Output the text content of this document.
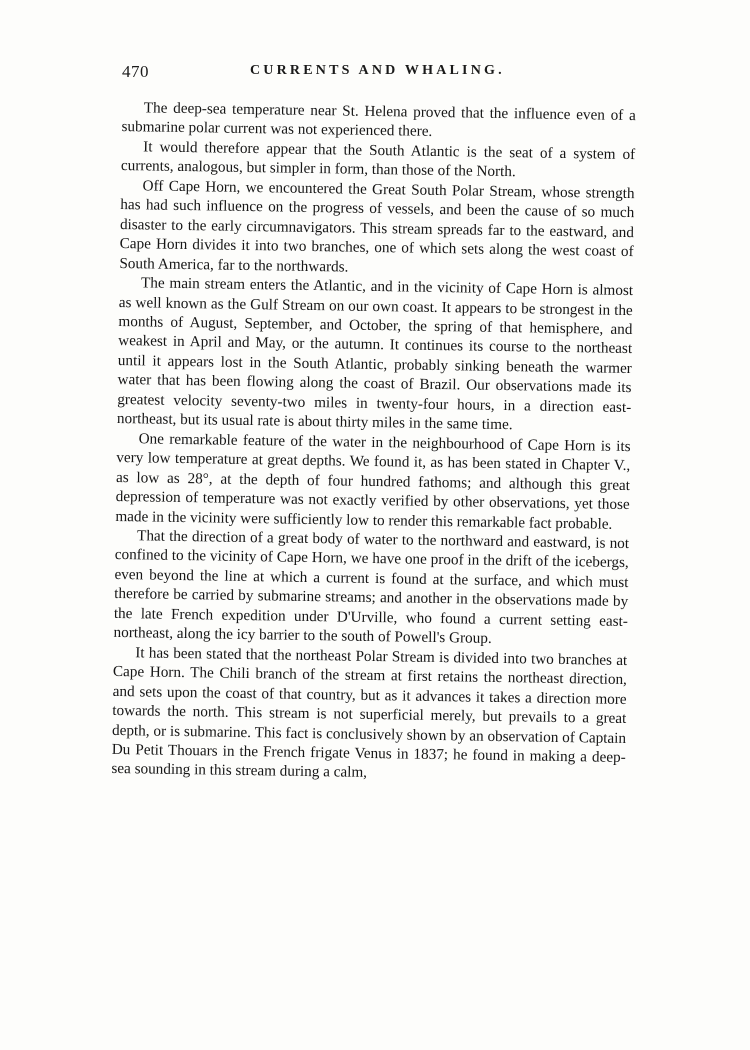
470	CURRENTS AND WHALING.

The deep-sea temperature near St. Helena proved that the influence even of a submarine polar current was not experienced there.

It would therefore appear that the South Atlantic is the seat of a system of currents, analogous, but simpler in form, than those of the North.

Off Cape Horn, we encountered the Great South Polar Stream, whose strength has had such influence on the progress of vessels, and been the cause of so much disaster to the early circumnavigators. This stream spreads far to the eastward, and Cape Horn divides it into two branches, one of which sets along the west coast of South America, far to the northwards.

The main stream enters the Atlantic, and in the vicinity of Cape Horn is almost as well known as the Gulf Stream on our own coast. It appears to be strongest in the months of August, September, and October, the spring of that hemisphere, and weakest in April and May, or the autumn. It continues its course to the northeast until it appears lost in the South Atlantic, probably sinking beneath the warmer water that has been flowing along the coast of Brazil. Our observations made its greatest velocity seventy-two miles in twenty-four hours, in a direction east-northeast, but its usual rate is about thirty miles in the same time.

One remarkable feature of the water in the neighbourhood of Cape Horn is its very low temperature at great depths. We found it, as has been stated in Chapter V., as low as 28°, at the depth of four hundred fathoms; and although this great depression of temperature was not exactly verified by other observations, yet those made in the vicinity were sufficiently low to render this remarkable fact probable.

That the direction of a great body of water to the northward and eastward, is not confined to the vicinity of Cape Horn, we have one proof in the drift of the icebergs, even beyond the line at which a current is found at the surface, and which must therefore be carried by submarine streams; and another in the observations made by the late French expedition under D'Urville, who found a current setting east-northeast, along the icy barrier to the south of Powell's Group.

It has been stated that the northeast Polar Stream is divided into two branches at Cape Horn. The Chili branch of the stream at first retains the northeast direction, and sets upon the coast of that country, but as it advances it takes a direction more towards the north. This stream is not superficial merely, but prevails to a great depth, or is submarine. This fact is conclusively shown by an observation of Captain Du Petit Thouars in the French frigate Venus in 1837; he found in making a deep-sea sounding in this stream during a calm,
